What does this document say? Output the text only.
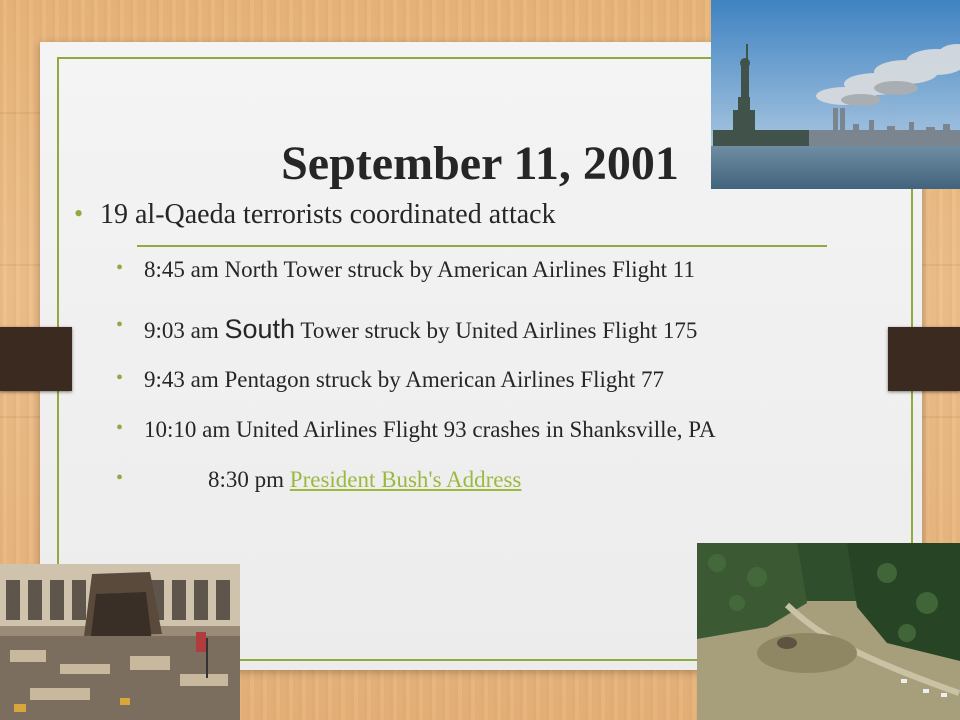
September 11, 2001
• 19 al-Qaeda terrorists coordinated attack
• 8:45 am North Tower struck by American Airlines Flight 11
• 9:03 am South Tower struck by United Airlines Flight 175
• 9:43 am Pentagon struck by American Airlines Flight 77
• 10:10 am United Airlines Flight 93 crashes in Shanksville, PA
•	8:30 pm President Bush's Address
